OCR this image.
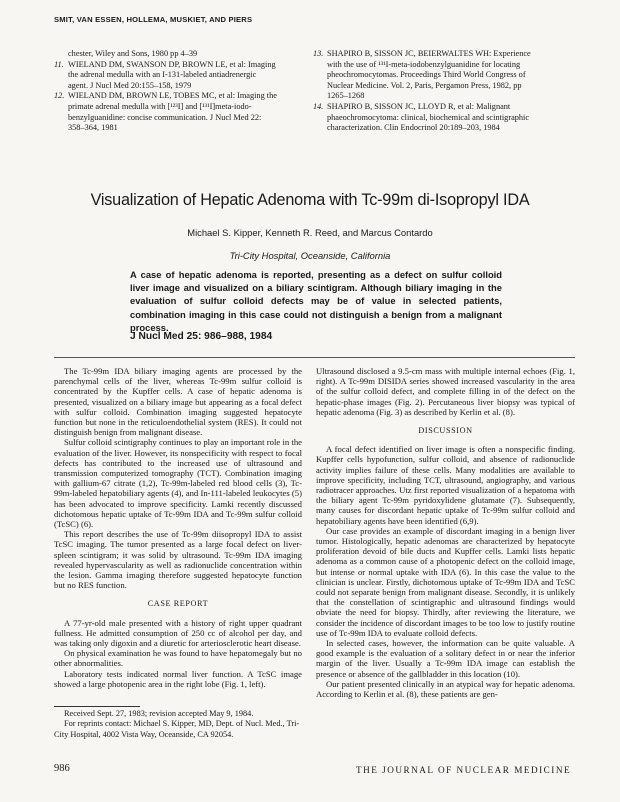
SMIT, VAN ESSEN, HOLLEMA, MUSKIET, AND PIERS
chester, Wiley and Sons, 1980 pp 4–39
11. WIELAND DM, SWANSON DP, BROWN LE, et al: Imaging
the adrenal medulla with an I-131-labeled antiadrenergic
agent. J Nucl Med 20:155–158, 1979
12. WIELAND DM, BROWN LE, TOBES MC, et al: Imaging the
primate adrenal medulla with [¹²³I] and [¹³¹I]meta-iodo-
benzylguanidine: concise communication. J Nucl Med 22:
358–364, 1981
13. SHAPIRO B, SISSON JC, BEIERWALTES WH: Experience
with the use of ¹³¹I-meta-iodobenzylguanidine for locating
pheochromocytomas. Proceedings Third World Congress of
Nuclear Medicine. Vol. 2, Paris, Pergamon Press, 1982, pp
1265–1268
14. SHAPIRO B, SISSON JC, LLOYD R, et al: Malignant
phaeochromocytoma: clinical, biochemical and scintigraphic
characterization. Clin Endocrinol 20:189–203, 1984
Visualization of Hepatic Adenoma with Tc-99m di-Isopropyl IDA
Michael S. Kipper, Kenneth R. Reed, and Marcus Contardo
Tri-City Hospital, Oceanside, California
A case of hepatic adenoma is reported, presenting as a defect on sulfur colloid liver image and visualized on a biliary scintigram. Although biliary imaging in the evaluation of sulfur colloid defects may be of value in selected patients, combination imaging in this case could not distinguish a benign from a malignant process.
J Nucl Med 25: 986–988, 1984

The Tc-99m IDA biliary imaging agents are processed by the parenchymal cells of the liver, whereas Tc-99m sulfur colloid is concentrated by the Kupffer cells. A case of hepatic adenoma is presented, visualized on a biliary image but appearing as a focal defect with sulfur colloid. Combination imaging suggested hepatocyte function but none in the reticuloendothelial system (RES). It could not distinguish benign from malignant disease.

Sulfur colloid scintigraphy continues to play an important role in the evaluation of the liver. However, its nonspecificity with respect to focal defects has contributed to the increased use of ultrasound and transmission computerized tomography (TCT). Combination imaging with gallium-67 citrate (1,2), Tc-99m-labeled red blood cells (3), Tc-99m-labeled hepatobiliary agents (4), and In-111-labeled leukocytes (5) has been advocated to improve specificity. Lamki recently discussed dichotomous hepatic uptake of Tc-99m IDA and Tc-99m sulfur colloid (TcSC) (6).

This report describes the use of Tc-99m diisopropyl IDA to assist TcSC imaging. The tumor presented as a large focal defect on liver-spleen scintigram; it was solid by ultrasound. Tc-99m IDA imaging revealed hypervascularity as well as radionuclide concentration within the lesion. Gamma imaging therefore suggested hepatocyte function but no RES function.

CASE REPORT

A 77-yr-old male presented with a history of right upper quadrant fullness. He admitted consumption of 250 cc of alcohol per day, and was taking only digoxin and a diuretic for arteriosclerotic heart disease.

On physical examination he was found to have hepatomegaly but no other abnormalities.

Laboratory tests indicated normal liver function. A TcSC image showed a large photopenic area in the right lobe (Fig. 1, left).

Received Sept. 27, 1983; revision accepted May 9, 1984.

For reprints contact: Michael S. Kipper, MD, Dept. of Nucl. Med., Tri-City Hospital, 4002 Vista Way, Oceanside, CA 92054.

Ultrasound disclosed a 9.5-cm mass with multiple internal echoes (Fig. 1, right). A Tc-99m DISIDA series showed increased vascularity in the area of the sulfur colloid defect, and complete filling in of the defect on the hepatic-phase images (Fig. 2). Percutaneous liver biopsy was typical of hepatic adenoma (Fig. 3) as described by Kerlin et al. (8).

DISCUSSION

A focal defect identified on liver image is often a nonspecific finding. Kupffer cells hypofunction, sulfur colloid, and absence of radionuclide activity implies failure of these cells. Many modalities are available to improve specificity, including TCT, ultrasound, angiography, and various radiotracer approaches. Utz first reported visualization of a hepatoma with the biliary agent Tc-99m pyridoxylidene glutamate (7). Subsequently, many causes for discordant hepatic uptake of Tc-99m sulfur colloid and hepatobiliary agents have been identified (6,9).

Our case provides an example of discordant imaging in a benign liver tumor. Histologically, hepatic adenomas are characterized by hepatocyte proliferation devoid of bile ducts and Kupffer cells. Lamki lists hepatic adenoma as a common cause of a photopenic defect on the colloid image, but intense or normal uptake with IDA (6). In this case the value to the clinician is unclear. Firstly, dichotomous uptake of Tc-99m IDA and TcSC could not separate benign from malignant disease. Secondly, it is unlikely that the constellation of scintigraphic and ultrasound findings would obviate the need for biopsy. Thirdly, after reviewing the literature, we consider the incidence of discordant images to be too low to justify routine use of Tc-99m IDA to evaluate colloid defects.

In selected cases, however, the information can be quite valuable. A good example is the evaluation of a solitary defect in or near the inferior margin of the liver. Usually a Tc-99m IDA image can establish the presence or absence of the gallbladder in this location (10).

Our patient presented clinically in an atypical way for hepatic adenoma. According to Kerlin et al. (8), these patients are gen-

986	THE JOURNAL OF NUCLEAR MEDICINE
